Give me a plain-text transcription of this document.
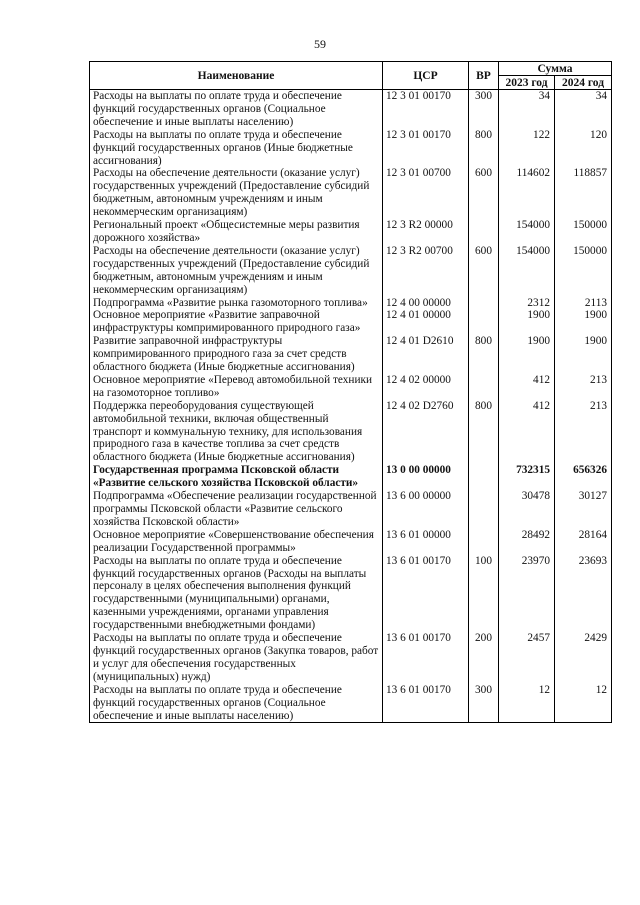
59
Наименование	ЦСР	ВР	Сумма	
			2023 год	2024 год
Расходы на выплаты по оплате труда и обеспечение функций государственных органов (Социальное обеспечение и иные выплаты населению)	12 3 01 00170	300	34	34
Расходы на выплаты по оплате труда и обеспечение функций государственных органов (Иные бюджетные ассигнования)	12 3 01 00170	800	122	120
Расходы на обеспечение деятельности (оказание услуг) государственных учреждений (Предоставление субсидий бюджетным, автономным учреждениям и иным некоммерческим организациям)	12 3 01 00700	600	114602	118857
Региональный проект «Общесистемные меры развития дорожного хозяйства»	12 3 R2 00000		154000	150000
Расходы на обеспечение деятельности (оказание услуг) государственных учреждений (Предоставление субсидий бюджетным, автономным учреждениям и иным некоммерческим организациям)	12 3 R2 00700	600	154000	150000
Подпрограмма «Развитие рынка газомоторного топлива»	12 4 00 00000		2312	2113
Основное мероприятие «Развитие заправочной инфраструктуры компримированного природного газа»	12 4 01 00000		1900	1900
Развитие заправочной инфраструктуры компримированного природного газа за счет средств областного бюджета (Иные бюджетные ассигнования)	12 4 01 D2610	800	1900	1900
Основное мероприятие «Перевод автомобильной техники на газомоторное топливо»	12 4 02 00000		412	213
Поддержка переоборудования существующей автомобильной техники, включая общественный транспорт и коммунальную технику, для использования природного газа в качестве топлива за счет средств областного бюджета (Иные бюджетные ассигнования)	12 4 02 D2760	800	412	213
Государственная программа Псковской области «Развитие сельского хозяйства Псковской области»	13 0 00 00000		732315	656326
Подпрограмма «Обеспечение реализации государственной программы Псковской области «Развитие сельского хозяйства Псковской области»	13 6 00 00000		30478	30127
Основное мероприятие «Совершенствование обеспечения реализации Государственной программы»	13 6 01 00000		28492	28164
Расходы на выплаты по оплате труда и обеспечение функций государственных органов (Расходы на выплаты персоналу в целях обеспечения выполнения функций государственными (муниципальными) органами, казенными учреждениями, органами управления государственными внебюджетными фондами)	13 6 01 00170	100	23970	23693
Расходы на выплаты по оплате труда и обеспечение функций государственных органов (Закупка товаров, работ и услуг для обеспечения государственных (муниципальных) нужд)	13 6 01 00170	200	2457	2429
Расходы на выплаты по оплате труда и обеспечение функций государственных органов (Социальное обеспечение и иные выплаты населению)	13 6 01 00170	300	12	12
